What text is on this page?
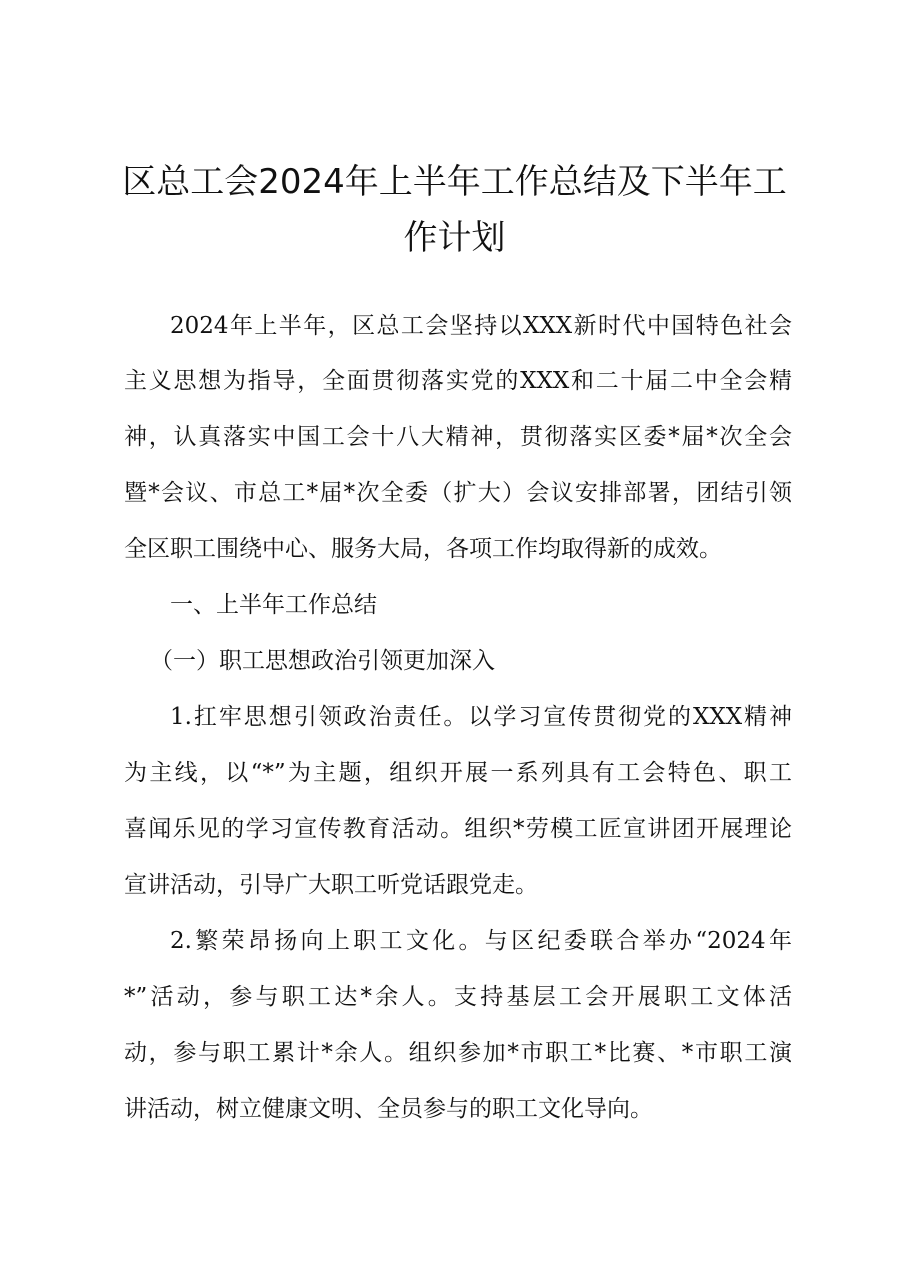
区总工会2024年上半年工作总结及下半年工
作计划

2024年上半年，区总工会坚持以XXX新时代中国特色社会

主义思想为指导，全面贯彻落实党的XXX和二十届二中全会精

神，认真落实中国工会十八大精神，贯彻落实区委*届*次全会

暨*会议、市总工*届*次全委（扩大）会议安排部署，团结引领

全区职工围绕中心、服务大局，各项工作均取得新的成效。

一、上半年工作总结

（一）职工思想政治引领更加深入

1.扛牢思想引领政治责任。以学习宣传贯彻党的XXX精神

为主线，以“*”为主题，组织开展一系列具有工会特色、职工

喜闻乐见的学习宣传教育活动。组织*劳模工匠宣讲团开展理论

宣讲活动，引导广大职工听党话跟党走。

2.繁荣昂扬向上职工文化。与区纪委联合举办“2024年

*”活动，参与职工达*余人。支持基层工会开展职工文体活

动，参与职工累计*余人。组织参加*市职工*比赛、*市职工演

讲活动，树立健康文明、全员参与的职工文化导向。
